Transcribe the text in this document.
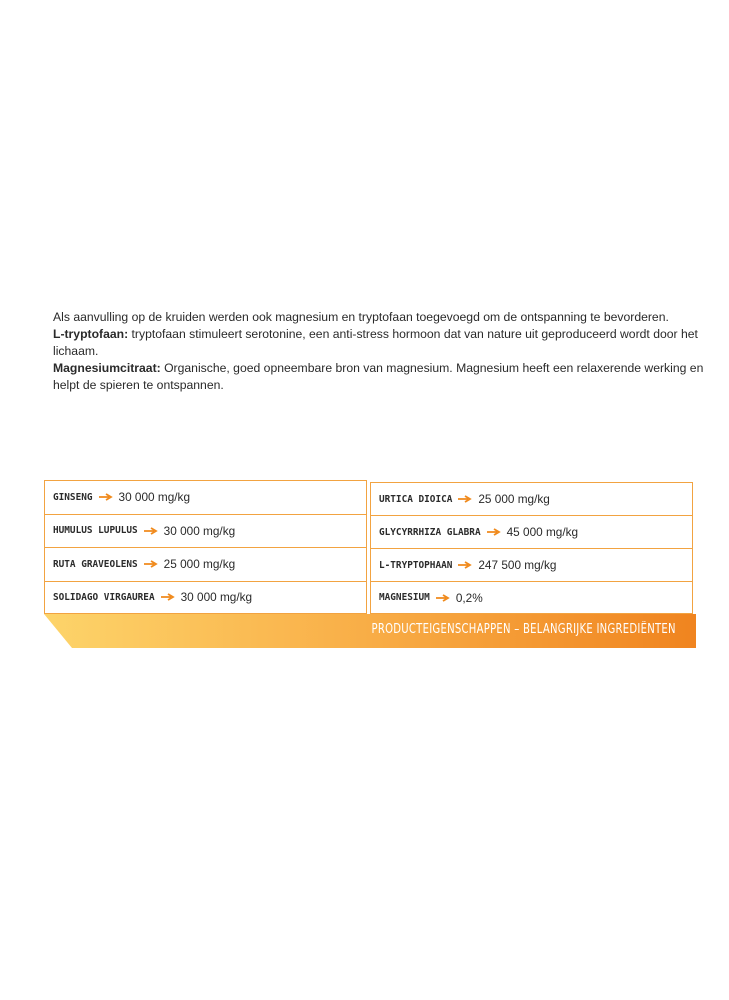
Als aanvulling op de kruiden werden ook magnesium en tryptofaan toegevoegd om de ontspanning te bevorderen.

L-tryptofaan: tryptofaan stimuleert serotonine, een anti-stress hormoon dat van nature uit geproduceerd wordt door het lichaam.

Magnesiumcitraat: Organische, goed opneembare bron van magnesium. Magnesium heeft een relaxerende werking en helpt de spieren te ontspannen.

GINSENG 30 000 mg/kg
HUMULUS LUPULUS 30 000 mg/kg
RUTA GRAVEOLENS 25 000 mg/kg
SOLIDAGO VIRGAUREA 30 000 mg/kg
URTICA DIOICA 25 000 mg/kg
GLYCYRRHIZA GLABRA 45 000 mg/kg
L-TRYPTOPHAAN 247 500 mg/kg
MAGNESIUM 0,2%
PRODUCTEIGENSCHAPPEN – BELANGRIJKE INGREDIËNTEN
